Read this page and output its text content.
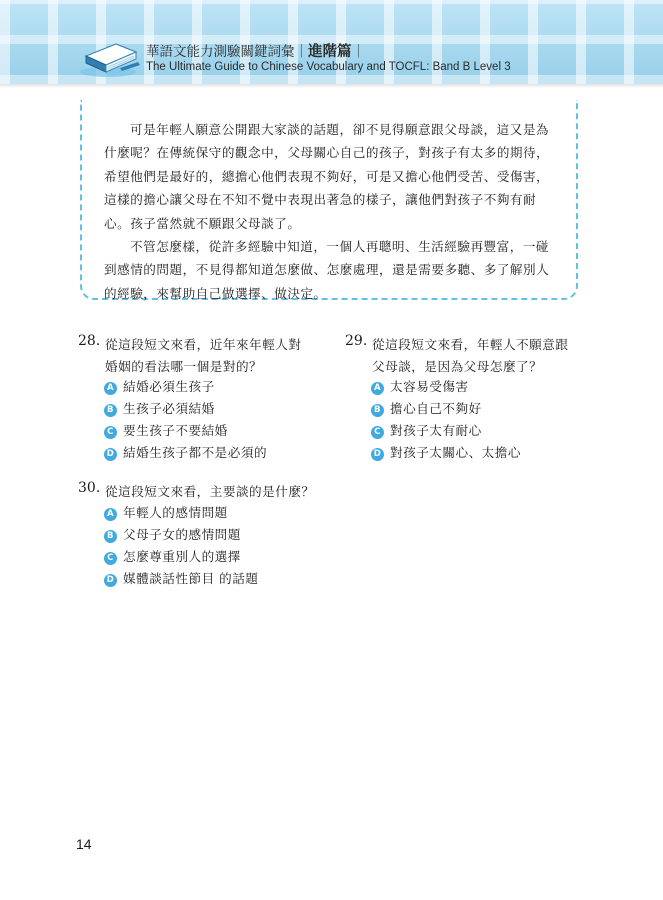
華語文能力測驗關鍵詞彙｜進階篇｜
The Ultimate Guide to Chinese Vocabulary and TOCFL: Band B Level 3

可是年輕人願意公開跟大家談的話題，卻不見得願意跟父母談，這又是為
什麼呢？在傳統保守的觀念中，父母關心自己的孩子，對孩子有太多的期待，
希望他們是最好的，總擔心他們表現不夠好，可是又擔心他們受苦、受傷害，
這樣的擔心讓父母在不知不覺中表現出著急的樣子，讓他們對孩子不夠有耐
心。孩子當然就不願跟父母談了。

不管怎麼樣，從許多經驗中知道，一個人再聰明、生活經驗再豐富，一碰
到感情的問題，不見得都知道怎麼做、怎麼處理，還是需要多聽、多了解別人
的經驗，來幫助自己做選擇、做決定。

28. 從這段短文來看，近年來年輕人對
婚姻的看法哪一個是對的？
A 結婚必須生孩子
B 生孩子必須結婚
C 要生孩子不要結婚
D 結婚生孩子都不是必須的
29. 從這段短文來看，年輕人不願意跟
父母談，是因為父母怎麼了？
A 太容易受傷害
B 擔心自己不夠好
C 對孩子太有耐心
D 對孩子太關心、太擔心
30. 從這段短文來看，主要談的是什麼？
A 年輕人的感情問題
B 父母子女的感情問題
C 怎麼尊重別人的選擇
D 媒體談話性節目 的話題
14
